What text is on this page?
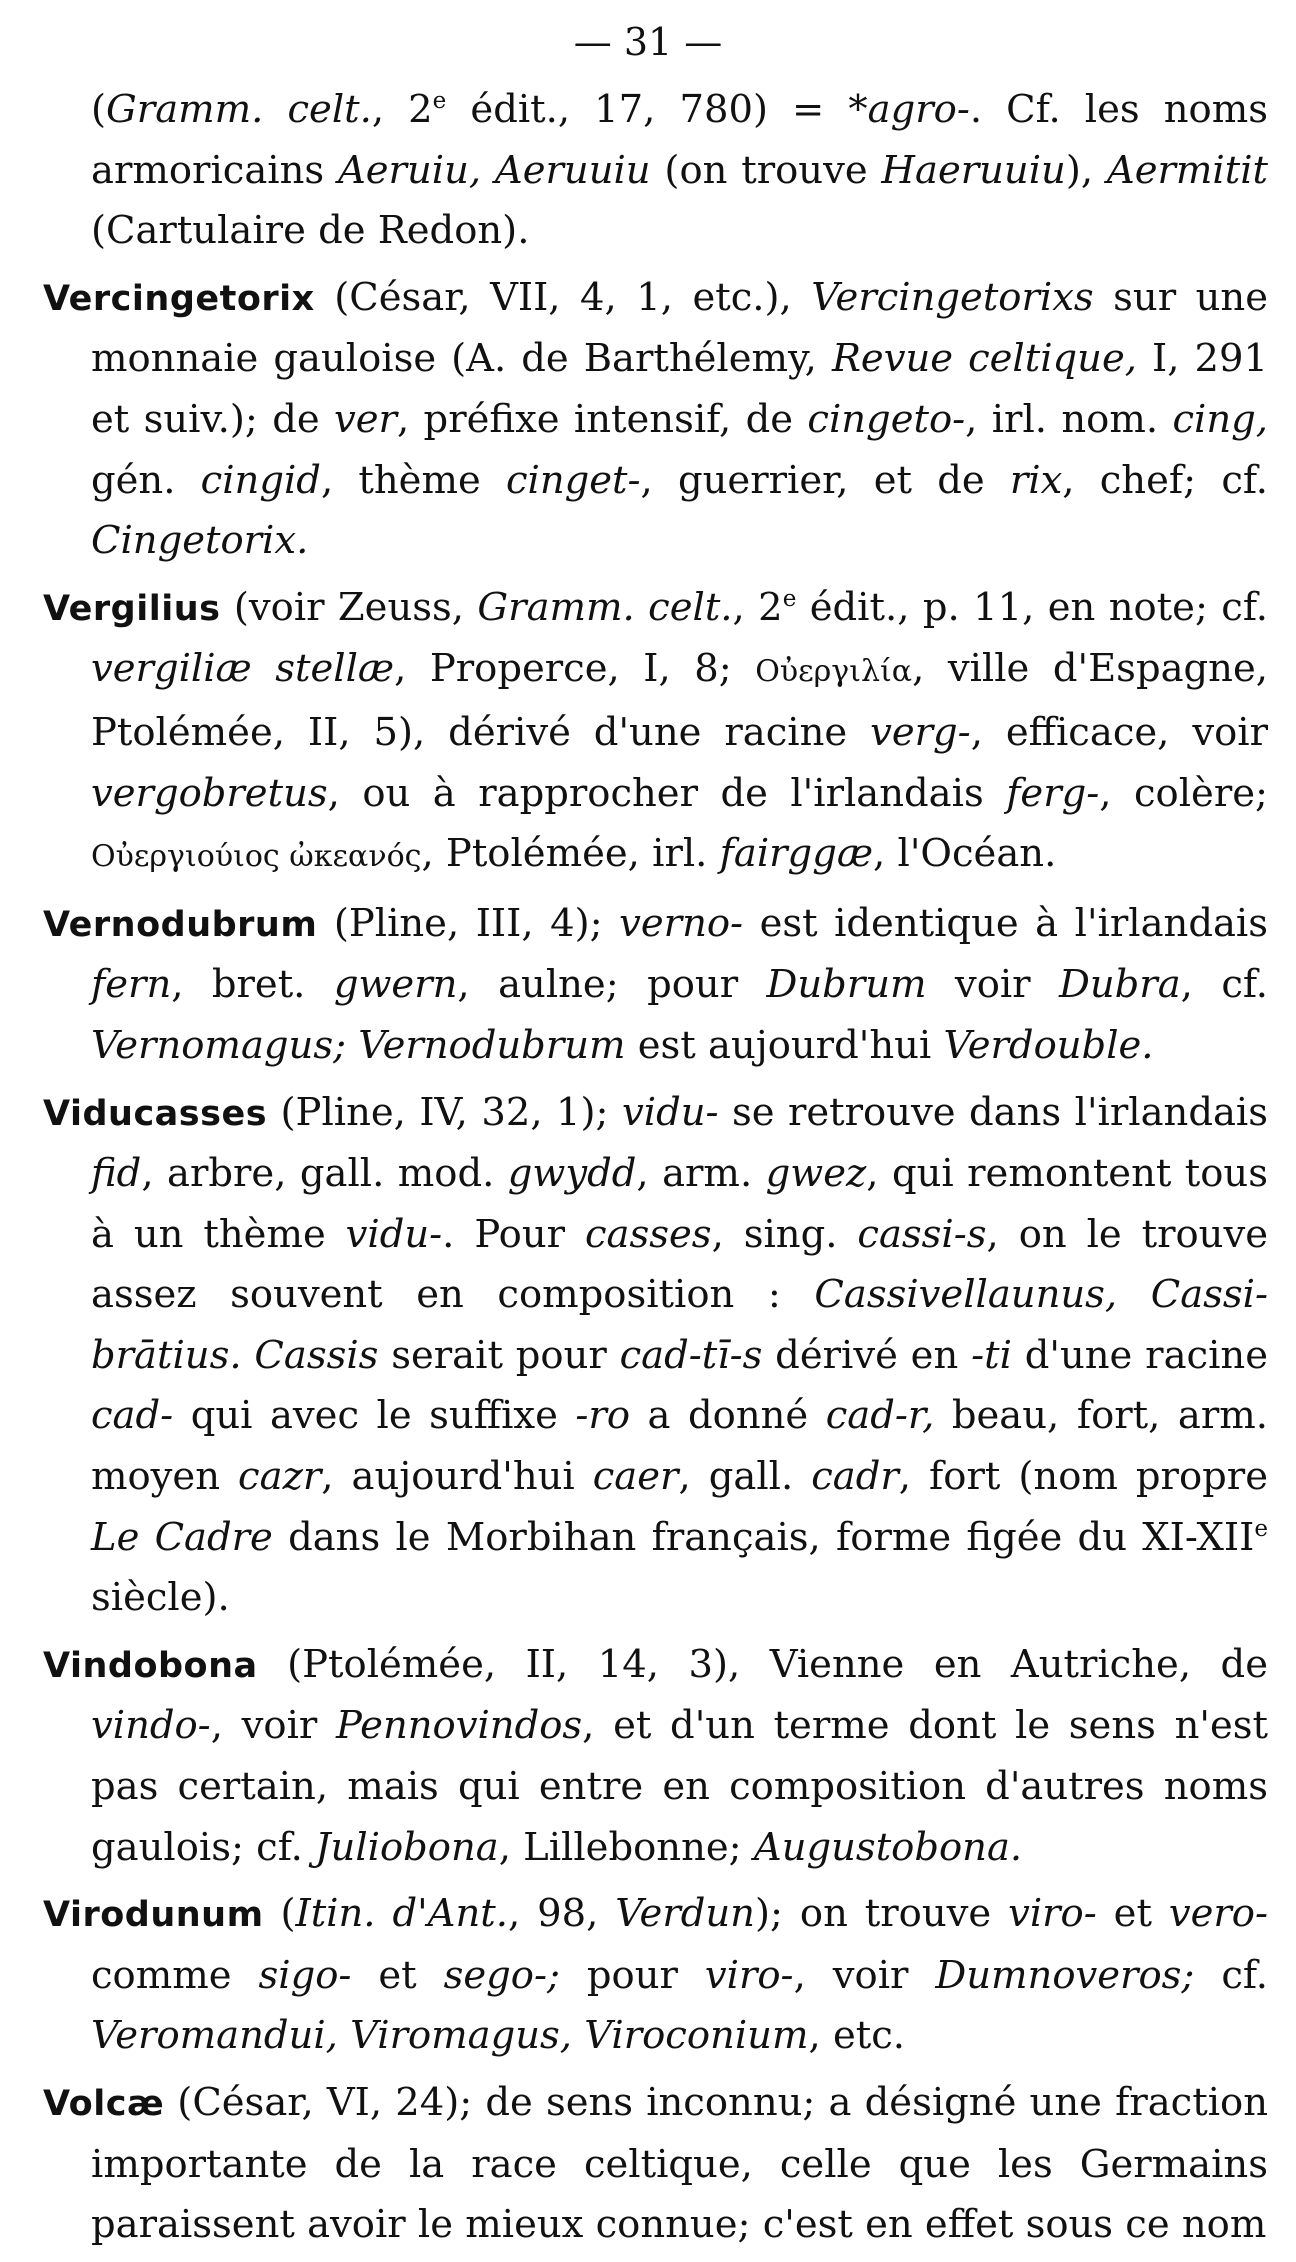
— 31 —

(Gramm. celt., 2e édit., 17, 780) = *agro-. Cf. les noms armoricains Aeruiu, Aeruuiu (on trouve Haeruuiu), Aermitit (Cartulaire de Redon).

Vercingetorix (César, VII, 4, 1, etc.), Vercingetorixs sur une monnaie gauloise (A. de Barthélemy, Revue celtique, I, 291 et suiv.); de ver, préfixe intensif, de cingeto-, irl. nom. cing, gén. cingid, thème cinget-, guerrier, et de rix, chef; cf. Cingetorix.

Vergilius (voir Zeuss, Gramm. celt., 2e édit., p. 11, en note; cf. vergiliæ stellæ, Properce, I, 8; Οὐεργιλία, ville d'Espagne, Ptolémée, II, 5), dérivé d'une racine verg-, efficace, voir vergobretus, ou à rapprocher de l'irlandais ferg-, colère; Οὐεργιούιος ὠκεανός, Ptolémée, irl. fairggæ, l'Océan.

Vernodubrum (Pline, III, 4); verno- est identique à l'irlandais fern, bret. gwern, aulne; pour Dubrum voir Dubra, cf. Vernomagus; Vernodubrum est aujourd'hui Verdouble.

Viducasses (Pline, IV, 32, 1); vidu- se retrouve dans l'irlandais fid, arbre, gall. mod. gwydd, arm. gwez, qui remontent tous à un thème vidu-. Pour casses, sing. cassi-s, on le trouve assez souvent en composition : Cassivellaunus, Cassi-brātius. Cassis serait pour cad-tī-s dérivé en -ti d'une racine cad- qui avec le suffixe -ro a donné cad-r, beau, fort, arm. moyen cazr, aujourd'hui caer, gall. cadr, fort (nom propre Le Cadre dans le Morbihan français, forme figée du XI-XIIe siècle).

Vindobona (Ptolémée, II, 14, 3), Vienne en Autriche, de vindo-, voir Pennovindos, et d'un terme dont le sens n'est pas certain, mais qui entre en composition d'autres noms gaulois; cf. Juliobona, Lillebonne; Augustobona.

Virodunum (Itin. d'Ant., 98, Verdun); on trouve viro- et vero- comme sigo- et sego-; pour viro-, voir Dumnoveros; cf. Veromandui, Viromagus, Viroconium, etc.

Volcæ (César, VI, 24); de sens inconnu; a désigné une fraction importante de la race celtique, celle que les Germains paraissent avoir le mieux connue; c'est en effet sous ce nom
